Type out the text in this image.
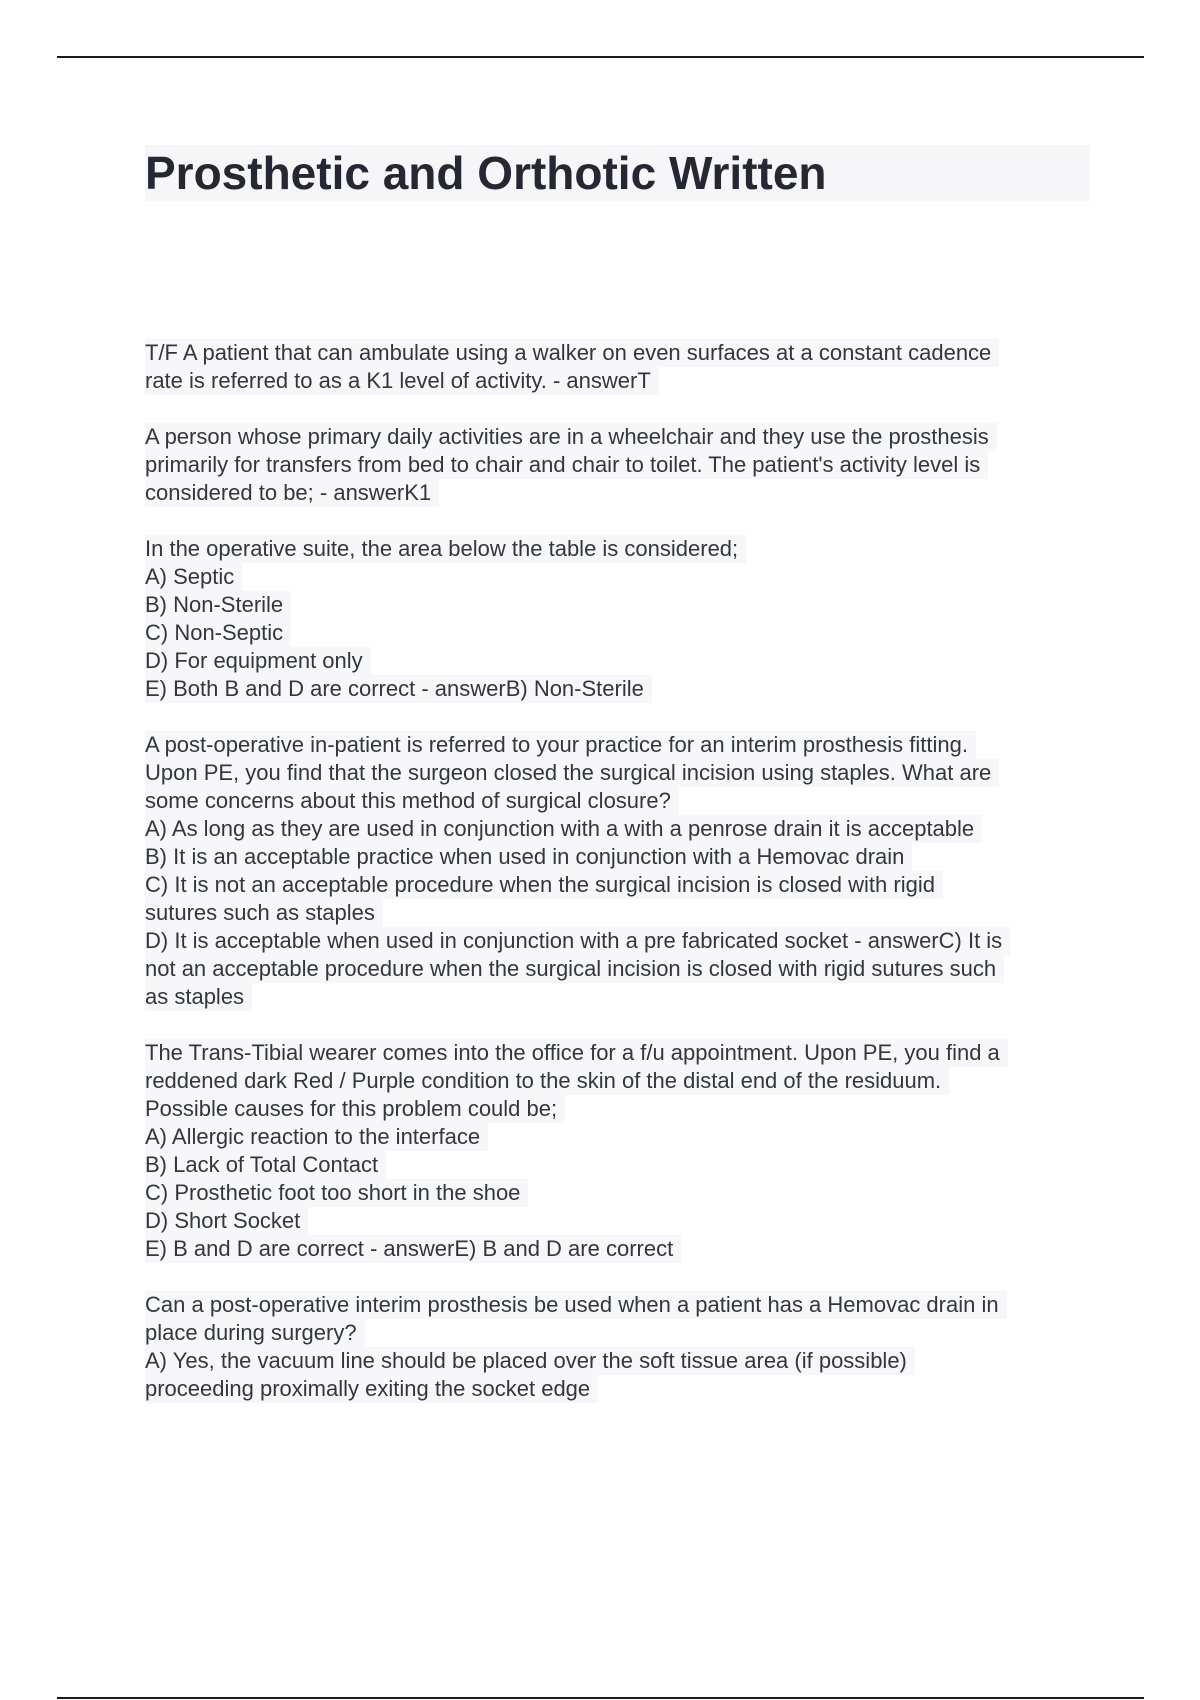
Prosthetic and Orthotic Written
T/F A patient that can ambulate using a walker on even surfaces at a constant cadence
rate is referred to as a K1 level of activity. - answerT
A person whose primary daily activities are in a wheelchair and they use the prosthesis
primarily for transfers from bed to chair and chair to toilet. The patient's activity level is
considered to be; - answerK1
In the operative suite, the area below the table is considered;
A) Septic
B) Non-Sterile
C) Non-Septic
D) For equipment only
E) Both B and D are correct - answerB) Non-Sterile
A post-operative in-patient is referred to your practice for an interim prosthesis fitting.
Upon PE, you find that the surgeon closed the surgical incision using staples. What are
some concerns about this method of surgical closure?
A) As long as they are used in conjunction with a with a penrose drain it is acceptable
B) It is an acceptable practice when used in conjunction with a Hemovac drain
C) It is not an acceptable procedure when the surgical incision is closed with rigid
sutures such as staples
D) It is acceptable when used in conjunction with a pre fabricated socket - answerC) It is
not an acceptable procedure when the surgical incision is closed with rigid sutures such
as staples
The Trans-Tibial wearer comes into the office for a f/u appointment. Upon PE, you find a
reddened dark Red / Purple condition to the skin of the distal end of the residuum.
Possible causes for this problem could be;
A) Allergic reaction to the interface
B) Lack of Total Contact
C) Prosthetic foot too short in the shoe
D) Short Socket
E) B and D are correct - answerE) B and D are correct
Can a post-operative interim prosthesis be used when a patient has a Hemovac drain in
place during surgery?
A) Yes, the vacuum line should be placed over the soft tissue area (if possible)
proceeding proximally exiting the socket edge
